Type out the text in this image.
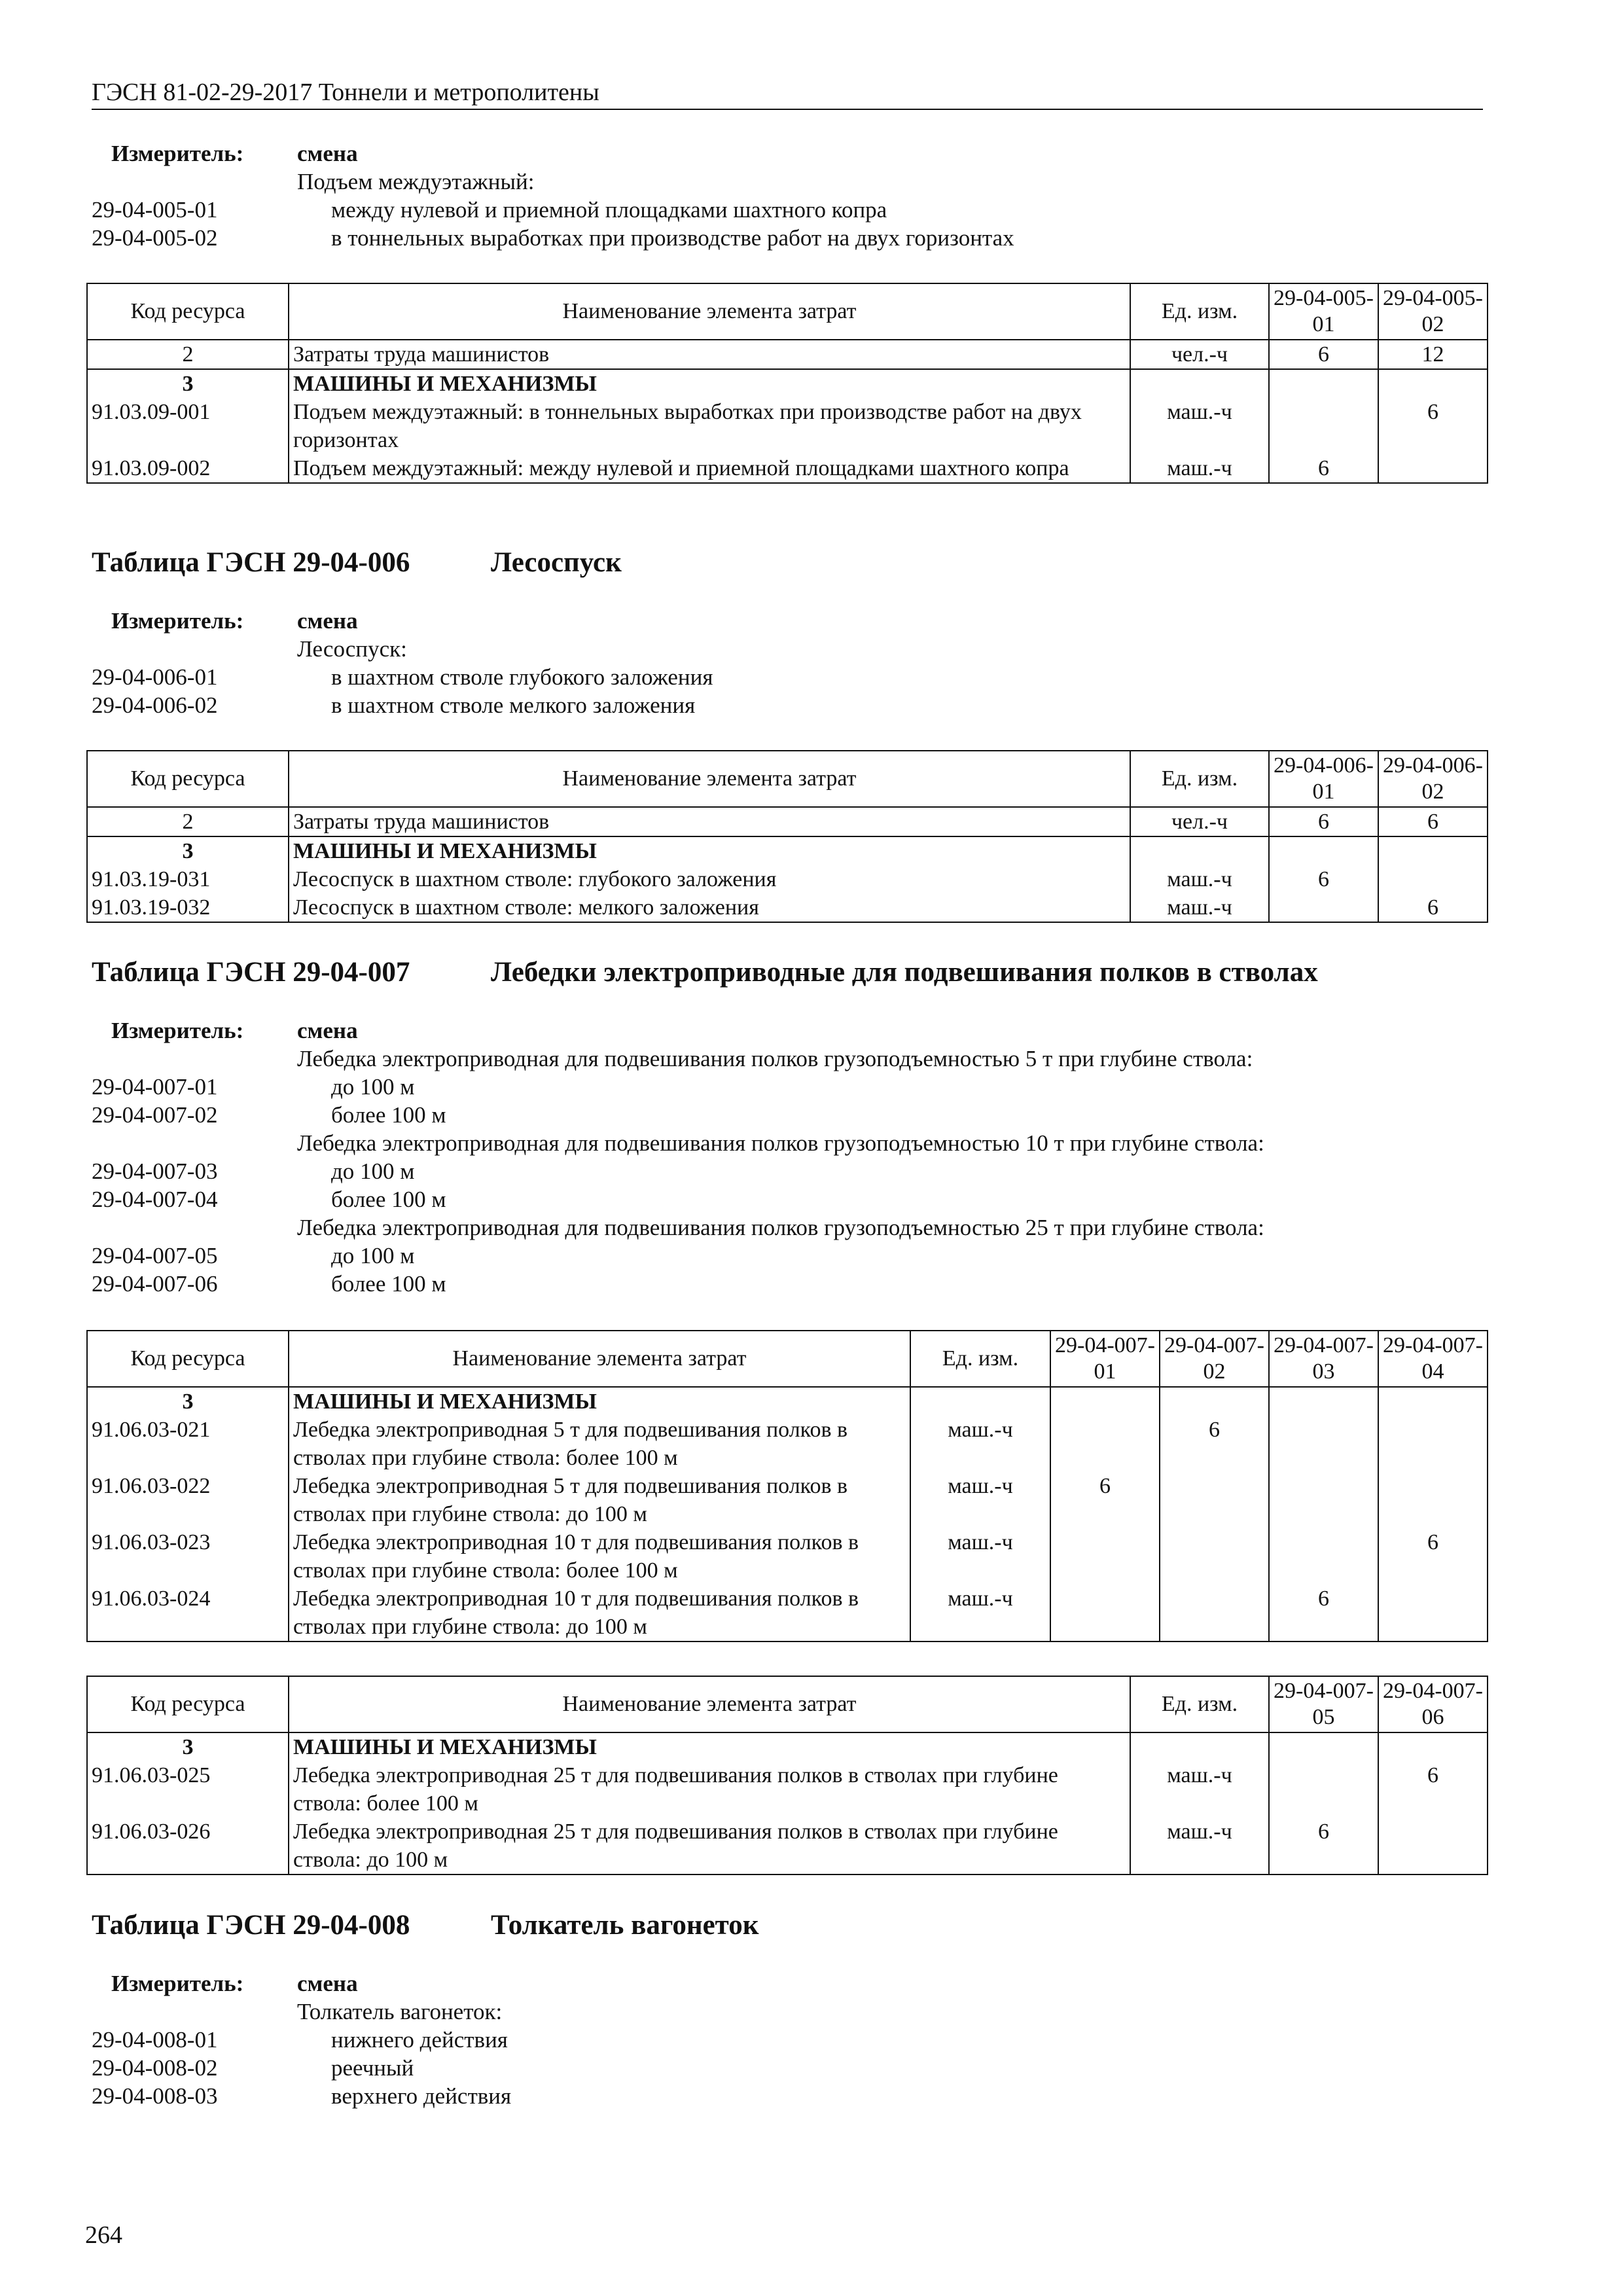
ГЭСН 81-02-29-2017 Тоннели и метрополитены
Измеритель:	смена
Подъем междуэтажный:
29-04-005-01	между нулевой и приемной площадками шахтного копра
29-04-005-02	в тоннельных выработках при производстве работ на двух горизонтах
Код ресурса	Наименование элемента затрат	Ед. изм.	29-04-005-01	29-04-005-02
2	Затраты труда машинистов	чел.-ч	6	12
3	МАШИНЫ И МЕХАНИЗМЫ			
91.03.09-001	Подъем междуэтажный: в тоннельных выработках при производстве работ на двух горизонтах	маш.-ч		6
91.03.09-002	Подъем междуэтажный: между нулевой и приемной площадками шахтного копра	маш.-ч	6	
Таблица ГЭСН 29-04-006	Лесоспуск
Измеритель:	смена
Лесоспуск:
29-04-006-01	в шахтном стволе глубокого заложения
29-04-006-02	в шахтном стволе мелкого заложения
Код ресурса	Наименование элемента затрат	Ед. изм.	29-04-006-01	29-04-006-02
2	Затраты труда машинистов	чел.-ч	6	6
3	МАШИНЫ И МЕХАНИЗМЫ			
91.03.19-031	Лесоспуск в шахтном стволе: глубокого заложения	маш.-ч	6	
91.03.19-032	Лесоспуск в шахтном стволе: мелкого заложения	маш.-ч		6
Таблица ГЭСН 29-04-007	Лебедки электроприводные для подвешивания полков в стволах
Измеритель:	смена
Лебедка электроприводная для подвешивания полков грузоподъемностью 5 т при глубине ствола:
29-04-007-01	до 100 м
29-04-007-02	более 100 м
Лебедка электроприводная для подвешивания полков грузоподъемностью 10 т при глубине ствола:
29-04-007-03	до 100 м
29-04-007-04	более 100 м
Лебедка электроприводная для подвешивания полков грузоподъемностью 25 т при глубине ствола:
29-04-007-05	до 100 м
29-04-007-06	более 100 м
Код ресурса	Наименование элемента затрат	Ед. изм.	29-04-007-01	29-04-007-02	29-04-007-03	29-04-007-04
3	МАШИНЫ И МЕХАНИЗМЫ					
91.06.03-021	Лебедка электроприводная 5 т для подвешивания полков в стволах при глубине ствола: более 100 м	маш.-ч		6		
91.06.03-022	Лебедка электроприводная 5 т для подвешивания полков в стволах при глубине ствола: до 100 м	маш.-ч	6			
91.06.03-023	Лебедка электроприводная 10 т для подвешивания полков в стволах при глубине ствола: более 100 м	маш.-ч				6
91.06.03-024	Лебедка электроприводная 10 т для подвешивания полков в стволах при глубине ствола: до 100 м	маш.-ч			6	
Код ресурса	Наименование элемента затрат	Ед. изм.	29-04-007-05	29-04-007-06
3	МАШИНЫ И МЕХАНИЗМЫ			
91.06.03-025	Лебедка электроприводная 25 т для подвешивания полков в стволах при глубине ствола: более 100 м	маш.-ч		6
91.06.03-026	Лебедка электроприводная 25 т для подвешивания полков в стволах при глубине ствола: до 100 м	маш.-ч	6	
Таблица ГЭСН 29-04-008	Толкатель вагонеток
Измеритель:	смена
Толкатель вагонеток:
29-04-008-01	нижнего действия
29-04-008-02	реечный
29-04-008-03	верхнего действия
264
